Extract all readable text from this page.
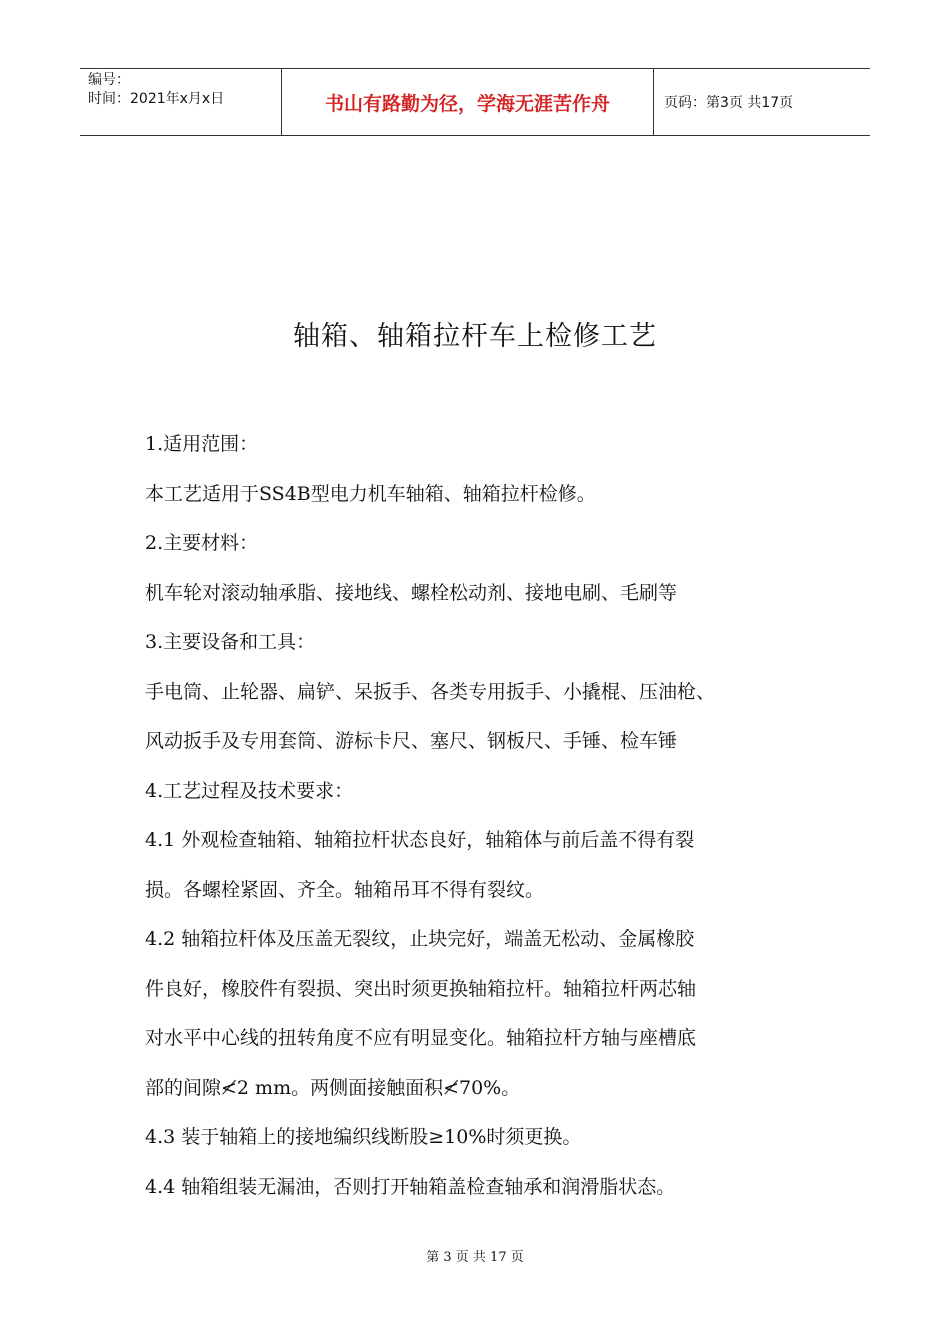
编号：
时间：2021年x月x日	书山有路勤为径，学海无涯苦作舟	页码：第3页 共17页
轴箱、轴箱拉杆车上检修工艺

1.适用范围：

本工艺适用于SS4B型电力机车轴箱、轴箱拉杆检修。

2.主要材料：

机车轮对滚动轴承脂、接地线、螺栓松动剂、接地电刷、毛刷等

3.主要设备和工具：

手电筒、止轮器、扁铲、呆扳手、各类专用扳手、小撬棍、压油枪、

风动扳手及专用套筒、游标卡尺、塞尺、钢板尺、手锤、检车锤

4.工艺过程及技术要求：

4.1 外观检查轴箱、轴箱拉杆状态良好，轴箱体与前后盖不得有裂

损。各螺栓紧固、齐全。轴箱吊耳不得有裂纹。

4.2 轴箱拉杆体及压盖无裂纹，止块完好，端盖无松动、金属橡胶

件良好，橡胶件有裂损、突出时须更换轴箱拉杆。轴箱拉杆两芯轴

对水平中心线的扭转角度不应有明显变化。轴箱拉杆方轴与座槽底

部的间隙≮2 mm。两侧面接触面积≮70%。

4.3 装于轴箱上的接地编织线断股≥10%时须更换。

4.4 轴箱组装无漏油，否则打开轴箱盖检查轴承和润滑脂状态。

第 3 页 共 17 页
